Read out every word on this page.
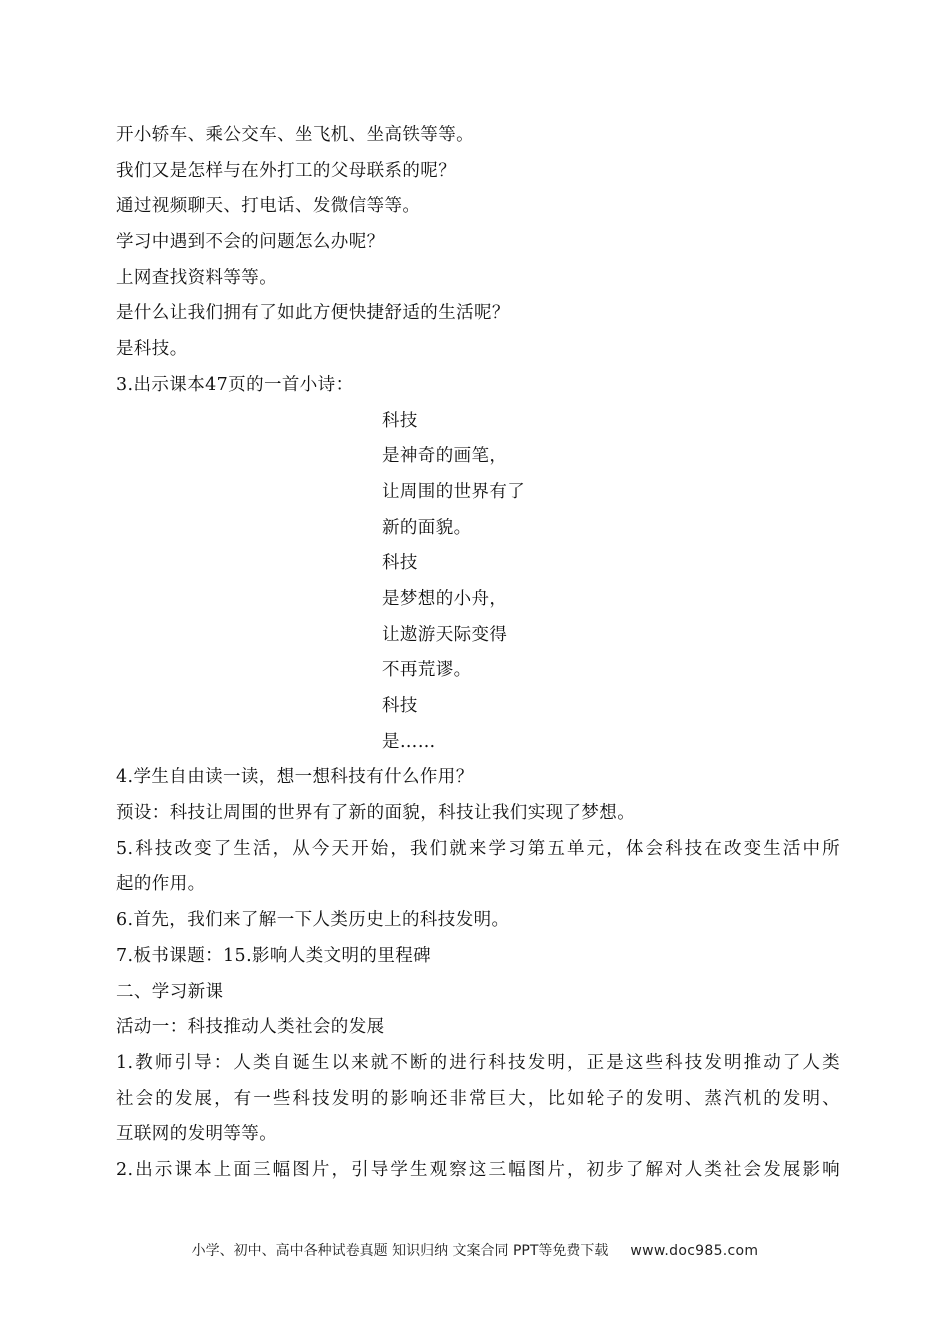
开小轿车、乘公交车、坐飞机、坐高铁等等。
我们又是怎样与在外打工的父母联系的呢？
通过视频聊天、打电话、发微信等等。
学习中遇到不会的问题怎么办呢？
上网查找资料等等。
是什么让我们拥有了如此方便快捷舒适的生活呢？
是科技。
3.出示课本47页的一首小诗：
科技
是神奇的画笔，
让周围的世界有了
新的面貌。
科技
是梦想的小舟，
让遨游天际变得
不再荒谬。
科技
是……
4.学生自由读一读，想一想科技有什么作用？
预设：科技让周围的世界有了新的面貌，科技让我们实现了梦想。
5.科技改变了生活，从今天开始，我们就来学习第五单元，体会科技在改变生活中所
起的作用。
6.首先，我们来了解一下人类历史上的科技发明。
7.板书课题：15.影响人类文明的里程碑
二、学习新课
活动一：科技推动人类社会的发展
1.教师引导：人类自诞生以来就不断的进行科技发明，正是这些科技发明推动了人类
社会的发展，有一些科技发明的影响还非常巨大，比如轮子的发明、蒸汽机的发明、
互联网的发明等等。
2.出示课本上面三幅图片，引导学生观察这三幅图片，初步了解对人类社会发展影响
小学、初中、高中各种试卷真题 知识归纳 文案合同 PPT等免费下载 www.doc985.com
